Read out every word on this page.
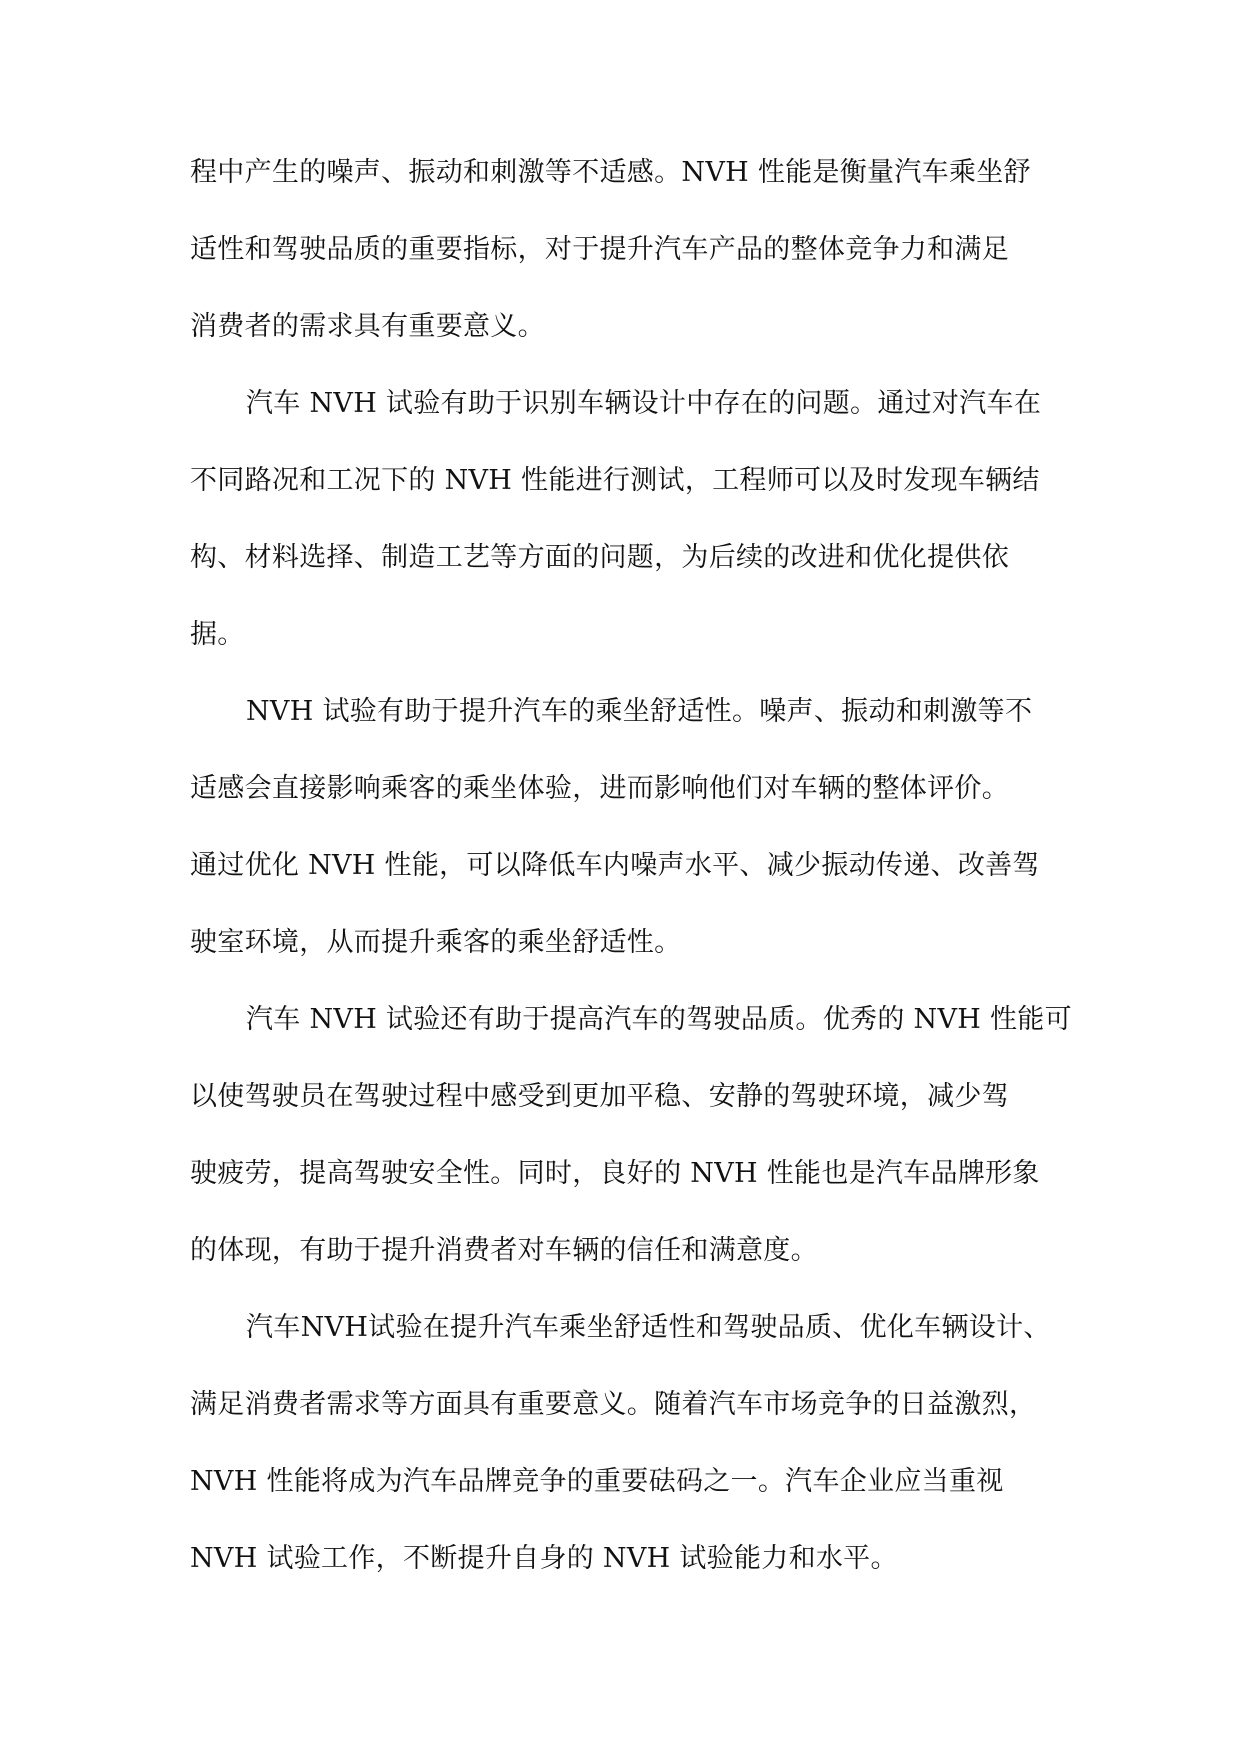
程中产生的噪声、振动和刺激等不适感。NVH 性能是衡量汽车乘坐舒
适性和驾驶品质的重要指标，对于提升汽车产品的整体竞争力和满足
消费者的需求具有重要意义。
汽车 NVH 试验有助于识别车辆设计中存在的问题。通过对汽车在
不同路况和工况下的 NVH 性能进行测试，工程师可以及时发现车辆结
构、材料选择、制造工艺等方面的问题，为后续的改进和优化提供依
据。
NVH 试验有助于提升汽车的乘坐舒适性。噪声、振动和刺激等不
适感会直接影响乘客的乘坐体验，进而影响他们对车辆的整体评价。
通过优化 NVH 性能，可以降低车内噪声水平、减少振动传递、改善驾
驶室环境，从而提升乘客的乘坐舒适性。
汽车 NVH 试验还有助于提高汽车的驾驶品质。优秀的 NVH 性能可
以使驾驶员在驾驶过程中感受到更加平稳、安静的驾驶环境，减少驾
驶疲劳，提高驾驶安全性。同时，良好的 NVH 性能也是汽车品牌形象
的体现，有助于提升消费者对车辆的信任和满意度。
汽车NVH试验在提升汽车乘坐舒适性和驾驶品质、优化车辆设计、
满足消费者需求等方面具有重要意义。随着汽车市场竞争的日益激烈，
NVH 性能将成为汽车品牌竞争的重要砝码之一。汽车企业应当重视
NVH 试验工作，不断提升自身的 NVH 试验能力和水平。
